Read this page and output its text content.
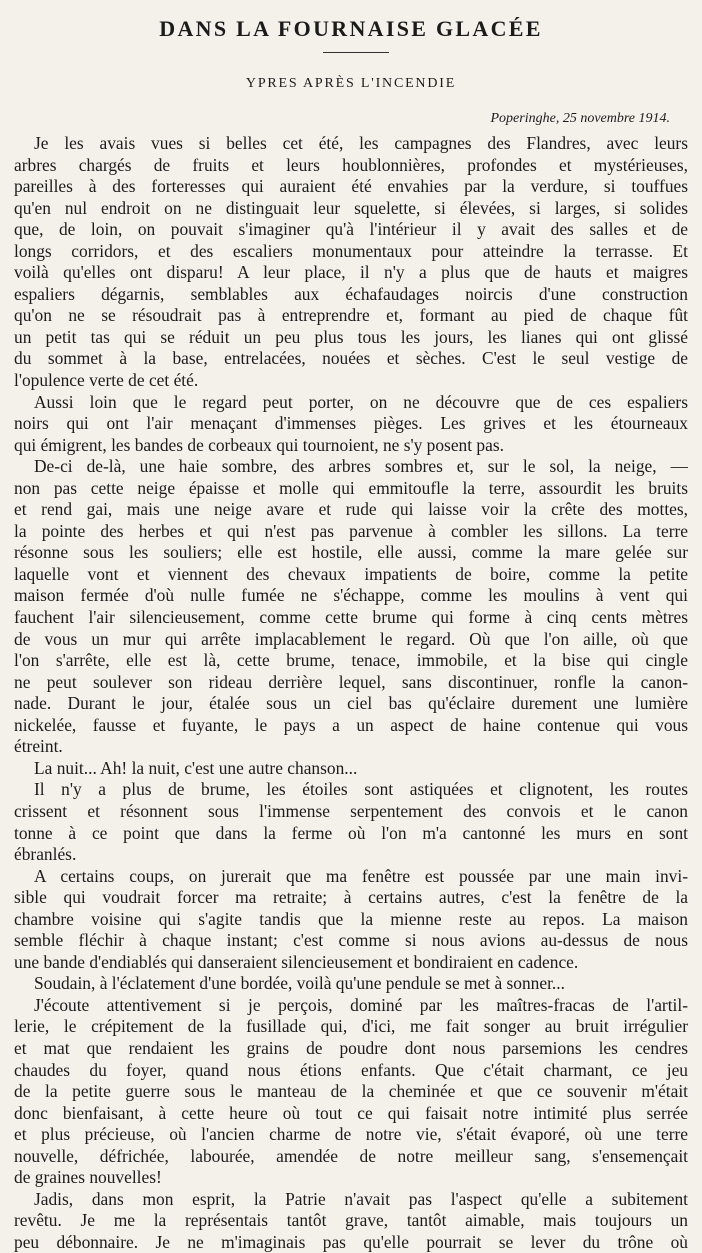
DANS LA FOURNAISE GLACÉE
YPRES APRÈS L'INCENDIE
Poperinghe, 25 novembre 1914.
Je les avais vues si belles cet été, les campagnes des Flandres, avec leurs
arbres chargés de fruits et leurs houblonnières, profondes et mystérieuses,
pareilles à des forteresses qui auraient été envahies par la verdure, si touffues
qu'en nul endroit on ne distinguait leur squelette, si élevées, si larges, si solides
que, de loin, on pouvait s'imaginer qu'à l'intérieur il y avait des salles et de
longs corridors, et des escaliers monumentaux pour atteindre la terrasse. Et
voilà qu'elles ont disparu! A leur place, il n'y a plus que de hauts et maigres
espaliers dégarnis, semblables aux échafaudages noircis d'une construction
qu'on ne se résoudrait pas à entreprendre et, formant au pied de chaque fût
un petit tas qui se réduit un peu plus tous les jours, les lianes qui ont glissé
du sommet à la base, entrelacées, nouées et sèches. C'est le seul vestige de
l'opulence verte de cet été.
Aussi loin que le regard peut porter, on ne découvre que de ces espaliers
noirs qui ont l'air menaçant d'immenses pièges. Les grives et les étourneaux
qui émigrent, les bandes de corbeaux qui tournoient, ne s'y posent pas.
De-ci de-là, une haie sombre, des arbres sombres et, sur le sol, la neige, —
non pas cette neige épaisse et molle qui emmitoufle la terre, assourdit les bruits
et rend gai, mais une neige avare et rude qui laisse voir la crête des mottes,
la pointe des herbes et qui n'est pas parvenue à combler les sillons. La terre
résonne sous les souliers; elle est hostile, elle aussi, comme la mare gelée sur
laquelle vont et viennent des chevaux impatients de boire, comme la petite
maison fermée d'où nulle fumée ne s'échappe, comme les moulins à vent qui
fauchent l'air silencieusement, comme cette brume qui forme à cinq cents mètres
de vous un mur qui arrête implacablement le regard. Où que l'on aille, où que
l'on s'arrête, elle est là, cette brume, tenace, immobile, et la bise qui cingle
ne peut soulever son rideau derrière lequel, sans discontinuer, ronfle la canon-
nade. Durant le jour, étalée sous un ciel bas qu'éclaire durement une lumière
nickelée, fausse et fuyante, le pays a un aspect de haine contenue qui vous
étreint.
La nuit... Ah! la nuit, c'est une autre chanson...
Il n'y a plus de brume, les étoiles sont astiquées et clignotent, les routes
crissent et résonnent sous l'immense serpentement des convois et le canon
tonne à ce point que dans la ferme où l'on m'a cantonné les murs en sont
ébranlés.
A certains coups, on jurerait que ma fenêtre est poussée par une main invi-
sible qui voudrait forcer ma retraite; à certains autres, c'est la fenêtre de la
chambre voisine qui s'agite tandis que la mienne reste au repos. La maison
semble fléchir à chaque instant; c'est comme si nous avions au-dessus de nous
une bande d'endiablés qui danseraient silencieusement et bondiraient en cadence.
Soudain, à l'éclatement d'une bordée, voilà qu'une pendule se met à sonner...
J'écoute attentivement si je perçois, dominé par les maîtres-fracas de l'artil-
lerie, le crépitement de la fusillade qui, d'ici, me fait songer au bruit irrégulier
et mat que rendaient les grains de poudre dont nous parsemions les cendres
chaudes du foyer, quand nous étions enfants. Que c'était charmant, ce jeu
de la petite guerre sous le manteau de la cheminée et que ce souvenir m'était
donc bienfaisant, à cette heure où tout ce qui faisait notre intimité plus serrée
et plus précieuse, où l'ancien charme de notre vie, s'était évaporé, où une terre
nouvelle, défrichée, labourée, amendée de notre meilleur sang, s'ensemençait
de graines nouvelles!
Jadis, dans mon esprit, la Patrie n'avait pas l'aspect qu'elle a subitement
revêtu. Je me la représentais tantôt grave, tantôt aimable, mais toujours un
peu débonnaire. Je ne m'imaginais pas qu'elle pourrait se lever du trône où
